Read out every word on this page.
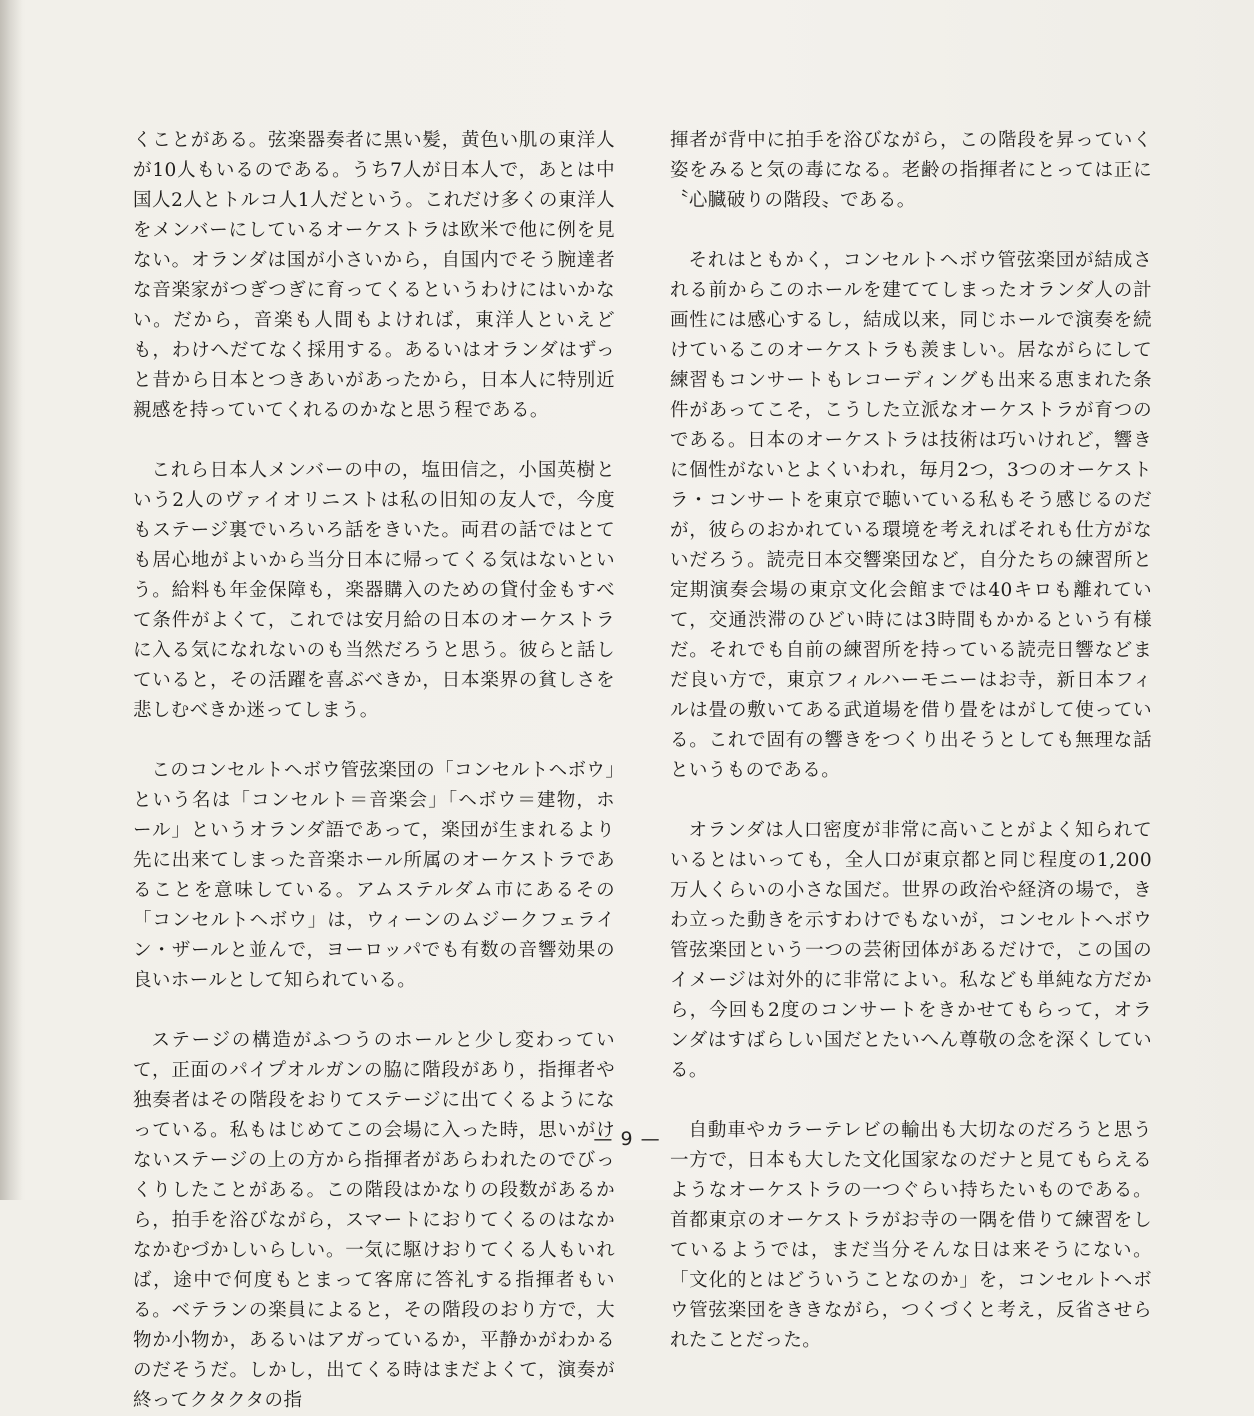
くことがある。弦楽器奏者に黒い髪，黄色い肌の東洋人が10人もいるのである。うち7人が日本人で，あとは中国人2人とトルコ人1人だという。これだけ多くの東洋人をメンバーにしているオーケストラは欧米で他に例を見ない。オランダは国が小さいから，自国内でそう腕達者な音楽家がつぎつぎに育ってくるというわけにはいかない。だから，音楽も人間もよければ，東洋人といえども，わけへだてなく採用する。あるいはオランダはずっと昔から日本とつきあいがあったから，日本人に特別近親感を持っていてくれるのかなと思う程である。

これら日本人メンバーの中の，塩田信之，小国英樹という2人のヴァイオリニストは私の旧知の友人で，今度もステージ裏でいろいろ話をきいた。両君の話ではとても居心地がよいから当分日本に帰ってくる気はないという。給料も年金保障も，楽器購入のための貸付金もすべて条件がよくて，これでは安月給の日本のオーケストラに入る気になれないのも当然だろうと思う。彼らと話していると，その活躍を喜ぶべきか，日本楽界の貧しさを悲しむべきか迷ってしまう。

このコンセルトヘボウ管弦楽団の「コンセルトヘボウ」という名は「コンセルト＝音楽会」「ヘボウ＝建物，ホール」というオランダ語であって，楽団が生まれるより先に出来てしまった音楽ホール所属のオーケストラであることを意味している。アムステルダム市にあるその「コンセルトヘボウ」は，ウィーンのムジークフェライン・ザールと並んで，ヨーロッパでも有数の音響効果の良いホールとして知られている。

ステージの構造がふつうのホールと少し変わっていて，正面のパイプオルガンの脇に階段があり，指揮者や独奏者はその階段をおりてステージに出てくるようになっている。私もはじめてこの会場に入った時，思いがけないステージの上の方から指揮者があらわれたのでびっくりしたことがある。この階段はかなりの段数があるから，拍手を浴びながら，スマートにおりてくるのはなかなかむづかしいらしい。一気に駆けおりてくる人もいれば，途中で何度もとまって客席に答礼する指揮者もいる。ベテランの楽員によると，その階段のおり方で，大物か小物か，あるいはアガっているか，平静かがわかるのだそうだ。しかし，出てくる時はまだよくて，演奏が終ってクタクタの指

揮者が背中に拍手を浴びながら，この階段を昇っていく姿をみると気の毒になる。老齢の指揮者にとっては正に〝心臓破りの階段〟である。

それはともかく，コンセルトヘボウ管弦楽団が結成される前からこのホールを建ててしまったオランダ人の計画性には感心するし，結成以来，同じホールで演奏を続けているこのオーケストラも羨ましい。居ながらにして練習もコンサートもレコーディングも出来る恵まれた条件があってこそ，こうした立派なオーケストラが育つのである。日本のオーケストラは技術は巧いけれど，響きに個性がないとよくいわれ，毎月2つ，3つのオーケストラ・コンサートを東京で聴いている私もそう感じるのだが，彼らのおかれている環境を考えればそれも仕方がないだろう。読売日本交響楽団など，自分たちの練習所と定期演奏会場の東京文化会館までは40キロも離れていて，交通渋滞のひどい時には3時間もかかるという有様だ。それでも自前の練習所を持っている読売日響などまだ良い方で，東京フィルハーモニーはお寺，新日本フィルは畳の敷いてある武道場を借り畳をはがして使っている。これで固有の響きをつくり出そうとしても無理な話というものである。

オランダは人口密度が非常に高いことがよく知られているとはいっても，全人口が東京都と同じ程度の1,200万人くらいの小さな国だ。世界の政治や経済の場で，きわ立った動きを示すわけでもないが，コンセルトヘボウ管弦楽団という一つの芸術団体があるだけで，この国のイメージは対外的に非常によい。私なども単純な方だから，今回も2度のコンサートをきかせてもらって，オランダはすばらしい国だとたいへん尊敬の念を深くしている。

自動車やカラーテレビの輸出も大切なのだろうと思う一方で，日本も大した文化国家なのだナと見てもらえるようなオーケストラの一つぐらい持ちたいものである。首都東京のオーケストラがお寺の一隅を借りて練習をしているようでは，まだ当分そんな日は来そうにない。「文化的とはどういうことなのか」を，コンセルトヘボウ管弦楽団をききながら，つくづくと考え，反省させられたことだった。

— 9 —
